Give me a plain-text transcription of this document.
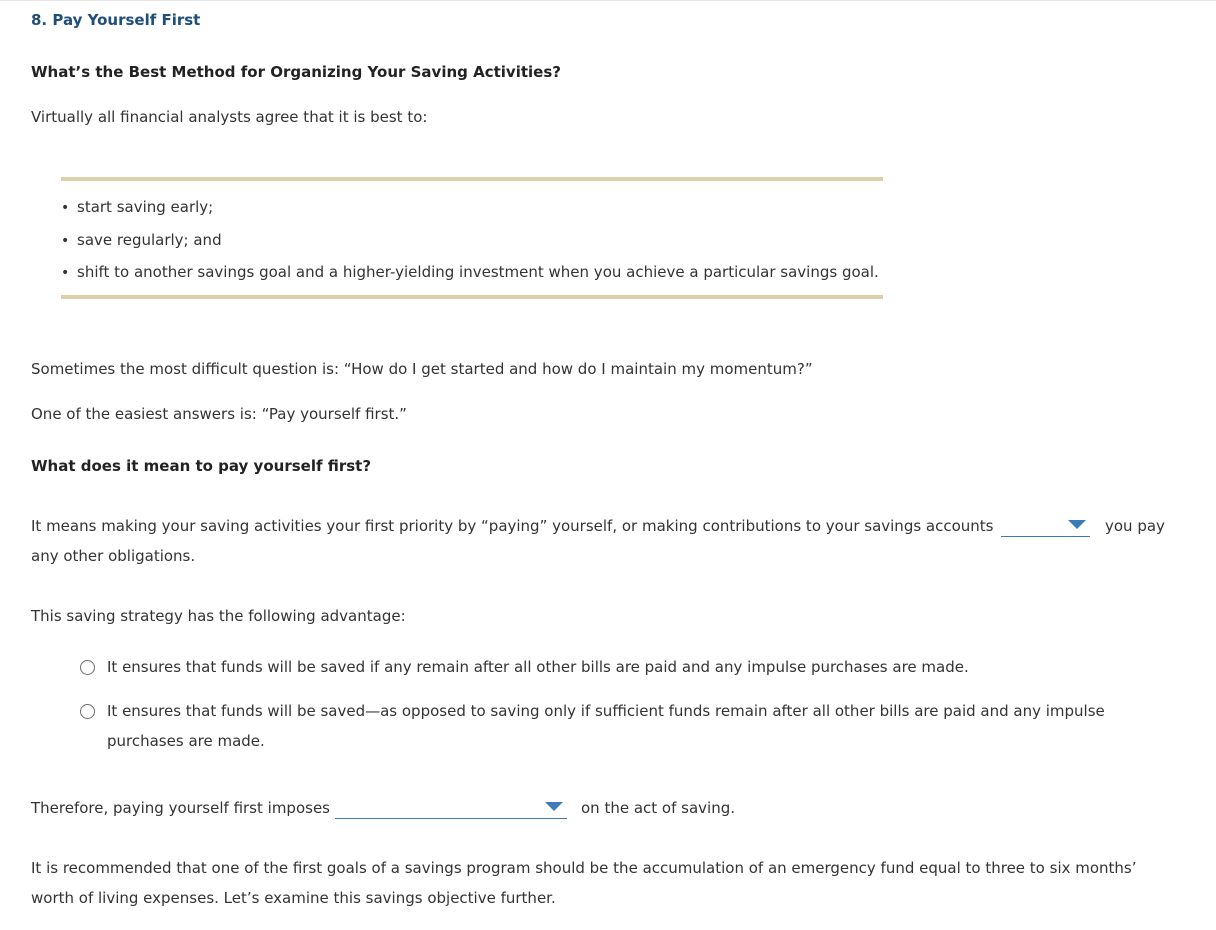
8. Pay Yourself First
What’s the Best Method for Organizing Your Saving Activities?
Virtually all financial analysts agree that it is best to:
• start saving early;
• save regularly; and
• shift to another savings goal and a higher-yielding investment when you achieve a particular savings goal.
Sometimes the most difficult question is: “How do I get started and how do I maintain my momentum?”
One of the easiest answers is: “Pay yourself first.”
What does it mean to pay yourself first?
It means making your saving activities your first priority by “paying” yourself, or making contributions to your savings accounts	you pay
any other obligations.
This saving strategy has the following advantage:
It ensures that funds will be saved if any remain after all other bills are paid and any impulse purchases are made.
It ensures that funds will be saved—as opposed to saving only if sufficient funds remain after all other bills are paid and any impulse
purchases are made.
Therefore, paying yourself first imposes	on the act of saving.
It is recommended that one of the first goals of a savings program should be the accumulation of an emergency fund equal to three to six months’
worth of living expenses. Let’s examine this savings objective further.
